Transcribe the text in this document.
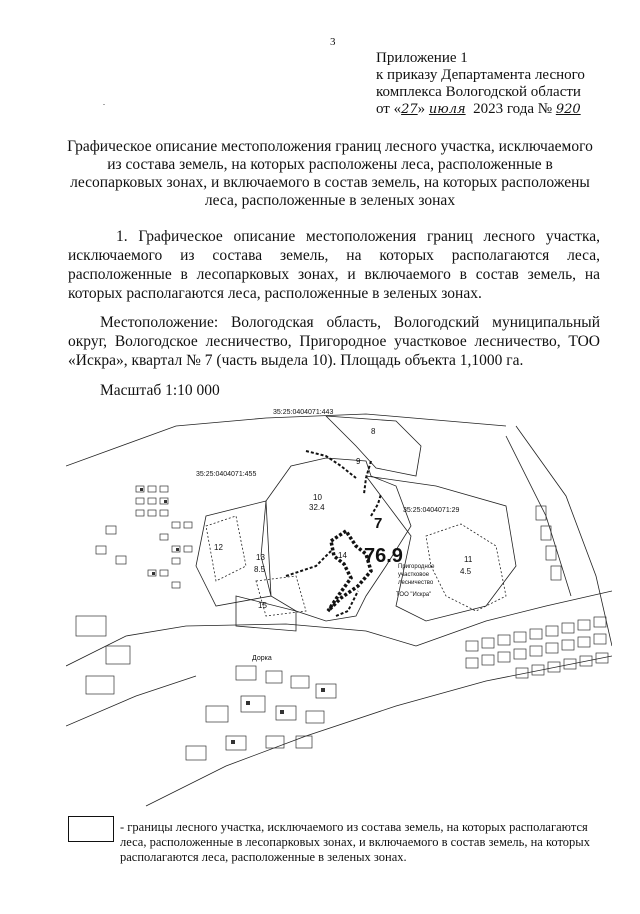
3
Приложение 1
к приказу Департамента лесного
комплекса Вологодской области
от «27» июля 2023 года № 920
.
Графическое описание местоположения границ лесного участка, исключаемого из состава земель, на которых расположены леса, расположенные в лесопарковых зонах, и включаемого в состав земель, на которых расположены леса, расположенные в зеленых зонах
1. Графическое описание местоположения границ лесного участка, исключаемого из состава земель, на которых располагаются леса, расположенные в лесопарковых зонах, и включаемого в состав земель, на которых располагаются леса, расположенные в зеленых зонах.
Местоположение: Вологодская область, Вологодский муниципальный округ, Вологодское лесничество, Пригородное участковое лесничество, ТОО «Искра», квартал № 7 (часть выдела 10). Площадь объекта 1,1000 га.
Масштаб 1:10 000
35:25:0404071:443
35:25:0404071:455
35:25:0404071:29
8
9
10
32.4
12
13
8.5
14
15
11
4.5
7
76.9
Пригородное
участковое
лесничество
ТОО "Искра"
Дорка
- границы лесного участка, исключаемого из состава земель, на которых располагаются леса, расположенные в лесопарковых зонах, и включаемого в состав земель, на которых располагаются леса, расположенные в зеленых зонах.
